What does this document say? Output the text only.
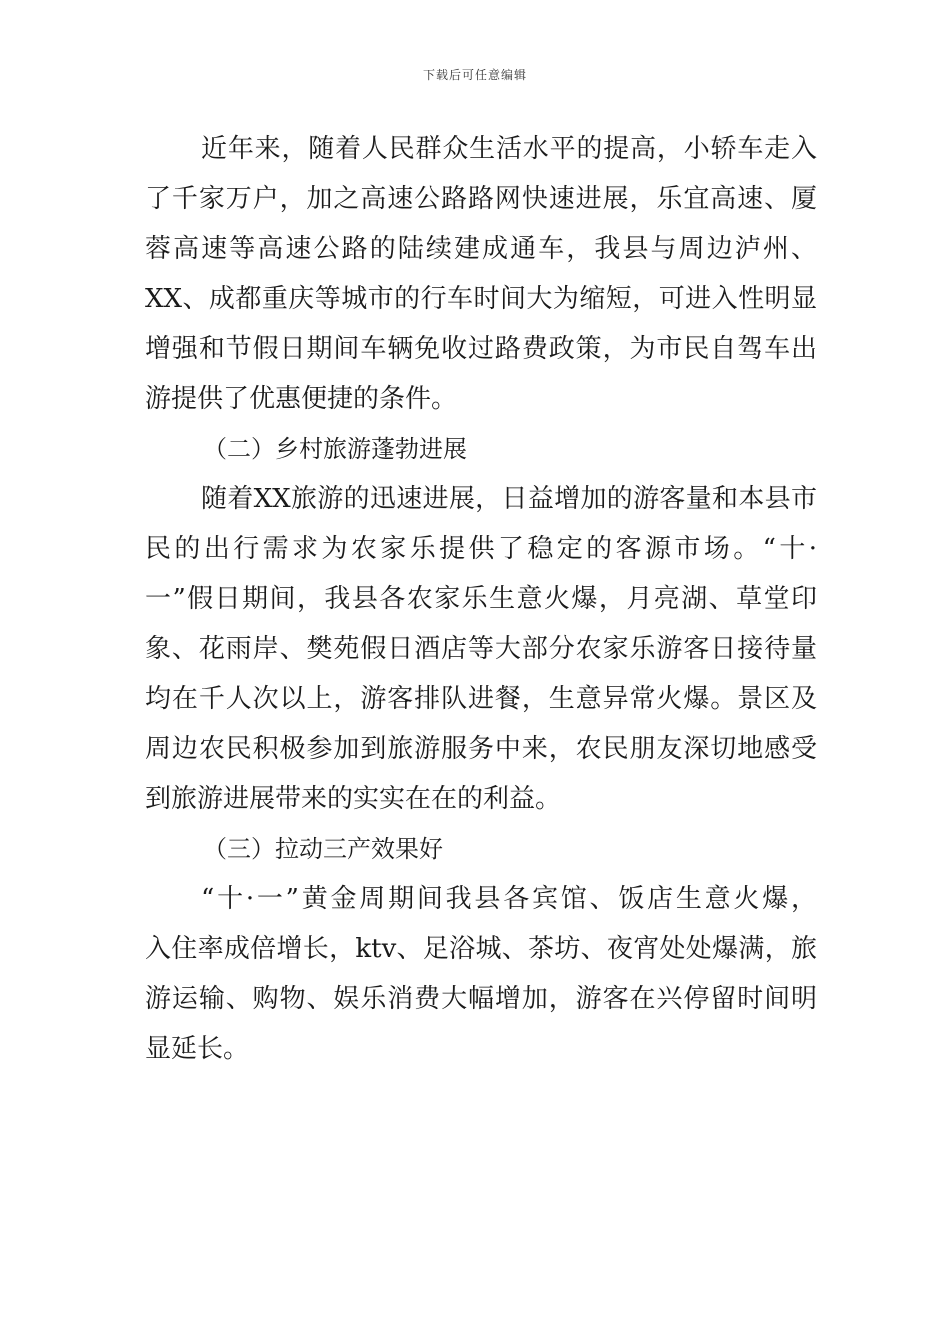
下载后可任意编辑
近年来，随着人民群众生活水平的提高，小轿车走入
了千家万户，加之高速公路路网快速进展，乐宜高速、厦
蓉高速等高速公路的陆续建成通车，我县与周边泸州、
XX、成都重庆等城市的行车时间大为缩短，可进入性明显
增强和节假日期间车辆免收过路费政策，为市民自驾车出
游提供了优惠便捷的条件。
（二）乡村旅游蓬勃进展
随着XX旅游的迅速进展，日益增加的游客量和本县市
民的出行需求为农家乐提供了稳定的客源市场。“十·
一”假日期间，我县各农家乐生意火爆，月亮湖、草堂印
象、花雨岸、樊苑假日酒店等大部分农家乐游客日接待量
均在千人次以上，游客排队进餐，生意异常火爆。景区及
周边农民积极参加到旅游服务中来，农民朋友深切地感受
到旅游进展带来的实实在在的利益。
（三）拉动三产效果好
“十·一”黄金周期间我县各宾馆、饭店生意火爆，
入住率成倍增长，ktv、足浴城、茶坊、夜宵处处爆满，旅
游运输、购物、娱乐消费大幅增加，游客在兴停留时间明
显延长。
